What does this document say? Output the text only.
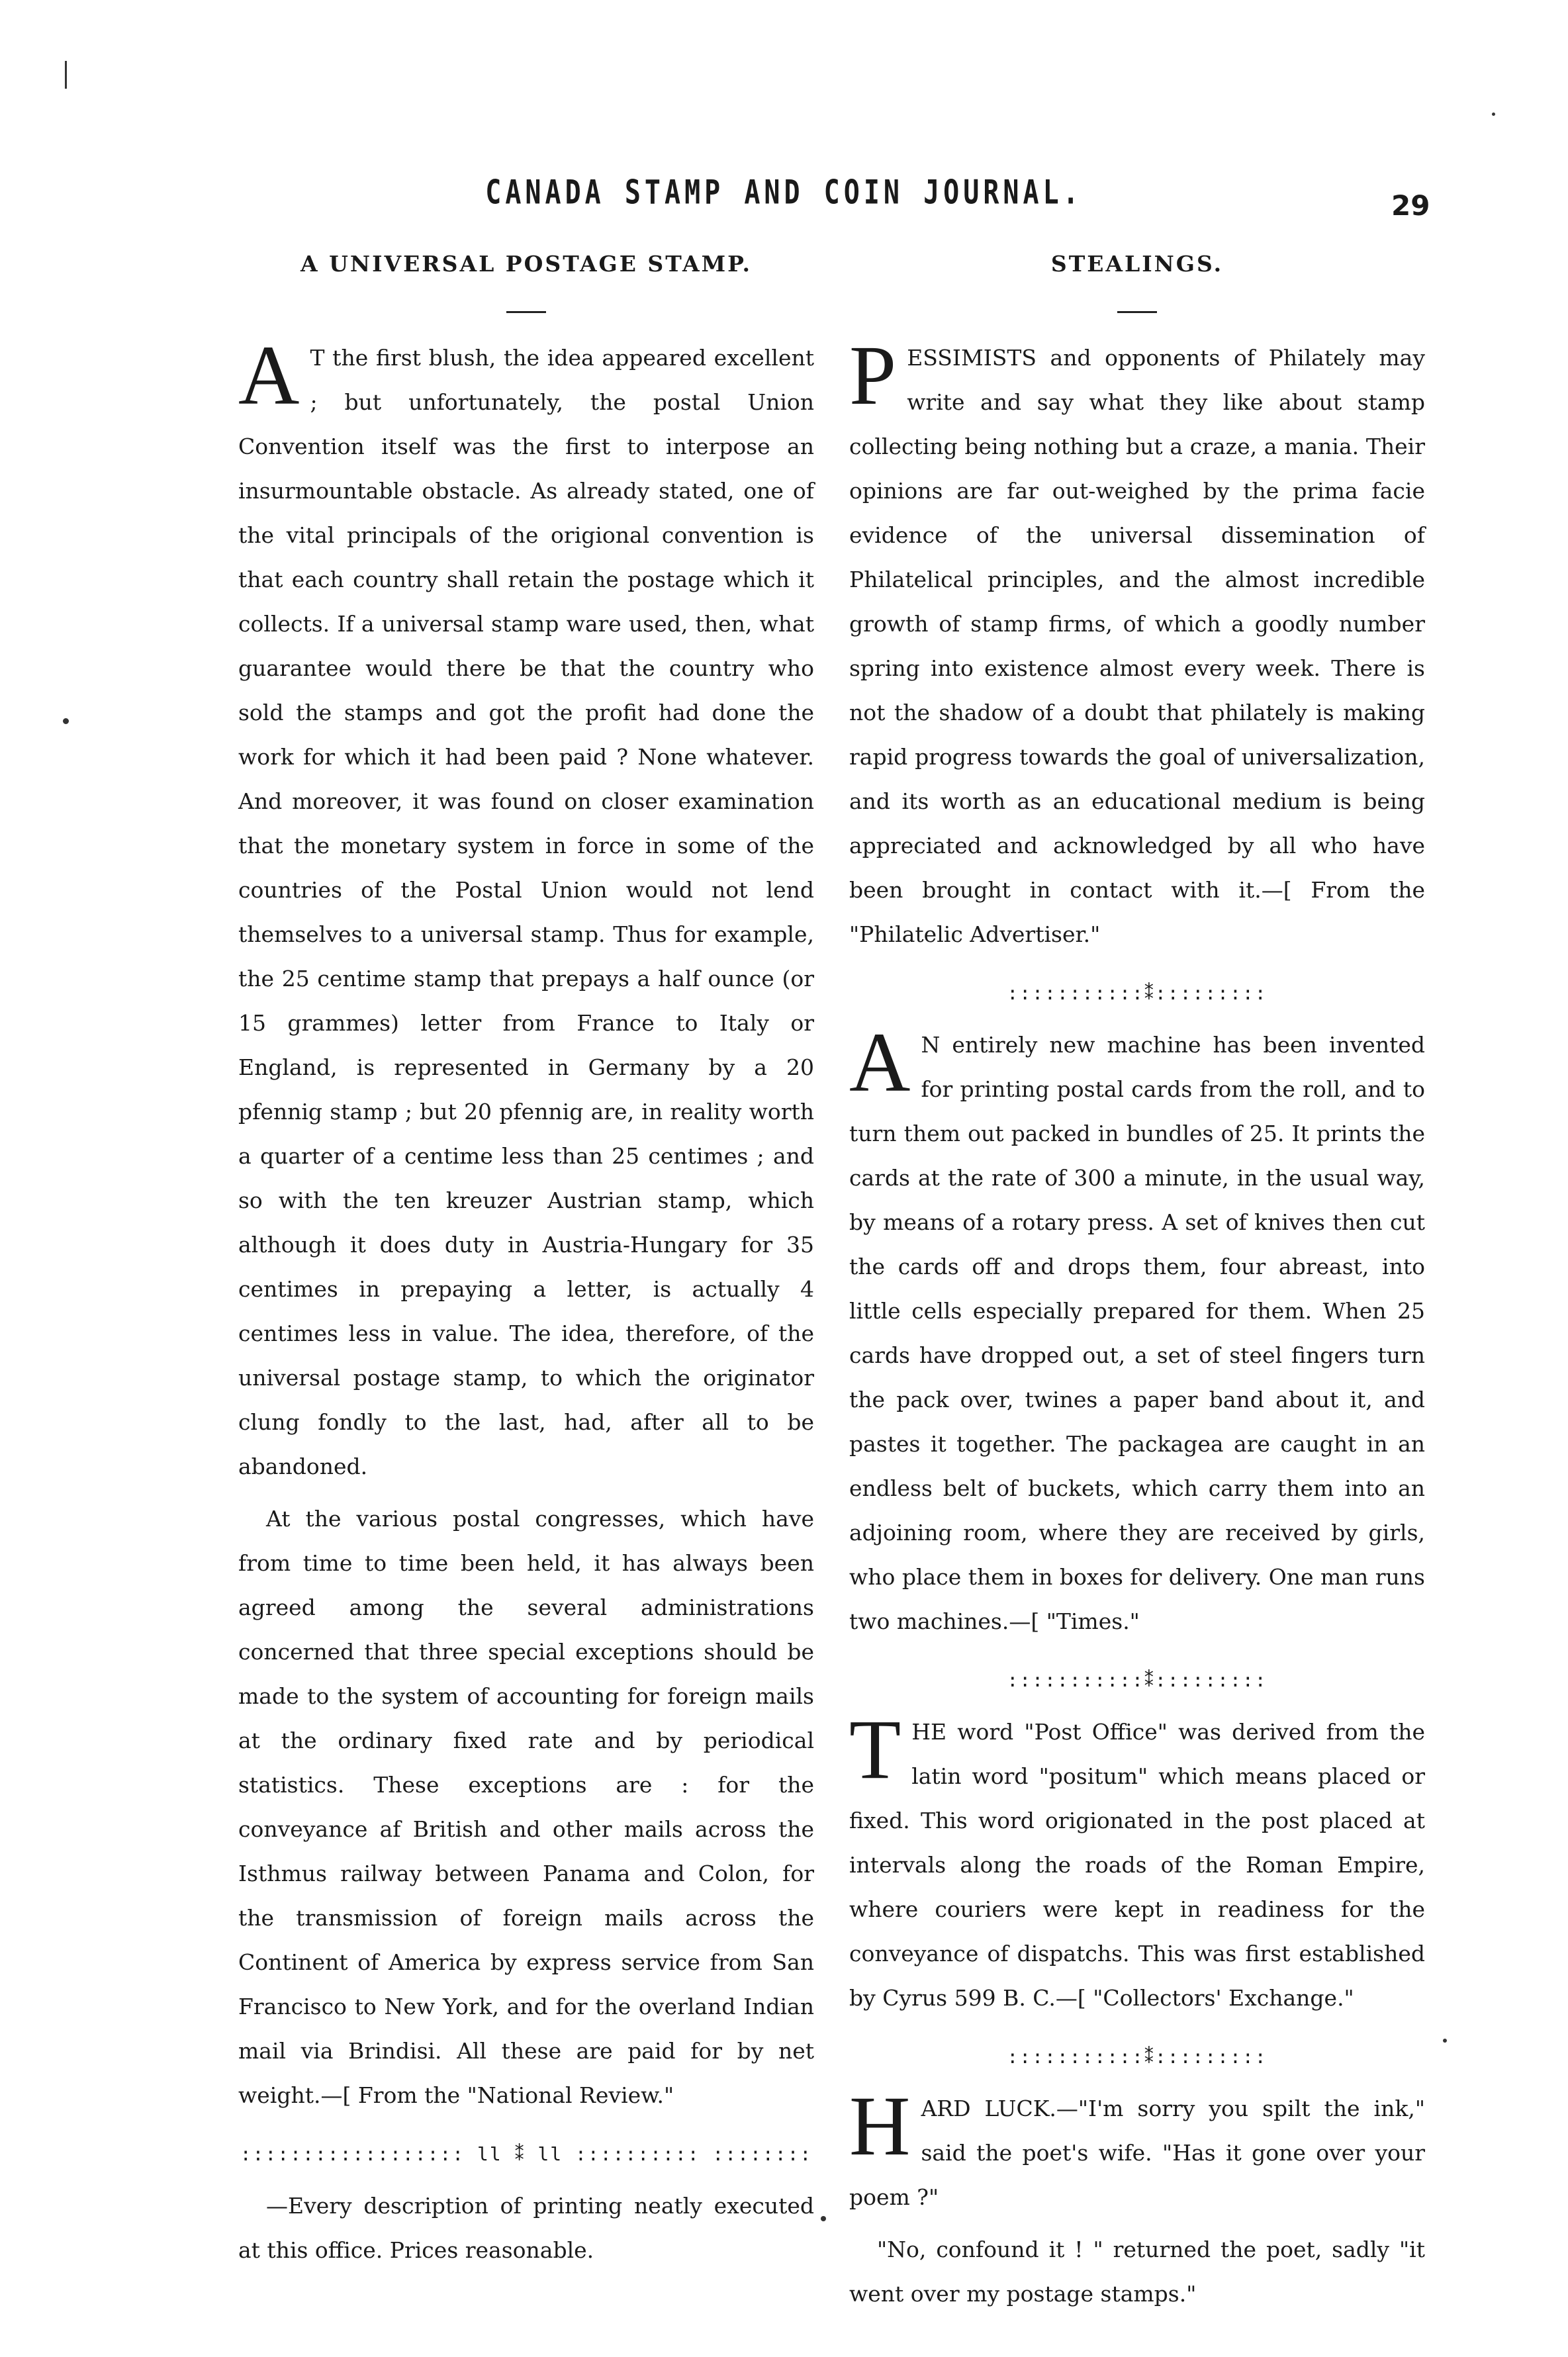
CANADA STAMP AND COIN JOURNAL.	29
A UNIVERSAL POSTAGE STAMP.

A T the first blush, the idea appeared excellent ; but unfortunately, the postal Union Convention itself was the first to interpose an insurmountable obstacle. As already stated, one of the vital principals of the origional convention is that each country shall retain the postage which it collects. If a universal stamp ware used, then, what guarantee would there be that the country who sold the stamps and got the profit had done the work for which it had been paid ? None whatever. And moreover, it was found on closer examination that the monetary system in force in some of the countries of the Postal Union would not lend themselves to a universal stamp. Thus for example, the 25 centime stamp that prepays a half ounce (or 15 grammes) letter from France to Italy or England, is represented in Germany by a 20 pfennig stamp ; but 20 pfennig are, in reality worth a quarter of a centime less than 25 centimes ; and so with the ten kreuzer Austrian stamp, which although it does duty in Austria-Hungary for 35 centimes in prepaying a letter, is actually 4 centimes less in value. The idea, therefore, of the universal postage stamp, to which the originator clung fondly to the last, had, after all to be abandoned.

At the various postal congresses, which have from time to time been held, it has always been agreed among the several administrations concerned that three special exceptions should be made to the system of accounting for foreign mails at the ordinary fixed rate and by periodical statistics. These exceptions are : for the conveyance af British and other mails across the Isthmus railway between Panama and Colon, for the transmission of foreign mails across the Continent of America by express service from San Francisco to New York, and for the overland Indian mail via Brindisi. All these are paid for by net weight.—[ From the "National Review."

:::::::::::::::::: ll ⁑ ll :::::::::: ::::::::

—Every description of printing neatly executed at this office. Prices reasonable.

STEALINGS.

PESSIMISTS and opponents of Philately may write and say what they like about stamp collecting being nothing but a craze, a mania. Their opinions are far out-weighed by the prima facie evidence of the universal dissemination of Philatelical principles, and the almost incredible growth of stamp firms, of which a goodly number spring into existence almost every week. There is not the shadow of a doubt that philately is making rapid progress towards the goal of universalization, and its worth as an educational medium is being appreciated and acknowledged by all who have been brought in contact with it.—[ From the "Philatelic Advertiser."

:::::::::::⁑:::::::::

A N entirely new machine has been invented for printing postal cards from the roll, and to turn them out packed in bundles of 25. It prints the cards at the rate of 300 a minute, in the usual way, by means of a rotary press. A set of knives then cut the cards off and drops them, four abreast, into little cells especially prepared for them. When 25 cards have dropped out, a set of steel fingers turn the pack over, twines a paper band about it, and pastes it together. The packagea are caught in an endless belt of buckets, which carry them into an adjoining room, where they are received by girls, who place them in boxes for delivery. One man runs two machines.—[ "Times."

:::::::::::⁑:::::::::

THE word "Post Office" was derived from the latin word "positum" which means placed or fixed. This word origionated in the post placed at intervals along the roads of the Roman Empire, where couriers were kept in readiness for the conveyance of dispatchs. This was first established by Cyrus 599 B. C.—[ "Collectors' Exchange."

:::::::::::⁑:::::::::

HARD LUCK.—"I'm sorry you spilt the ink," said the poet's wife. "Has it gone over your poem ?"

"No, confound it ! " returned the poet, sadly "it went over my postage stamps."
